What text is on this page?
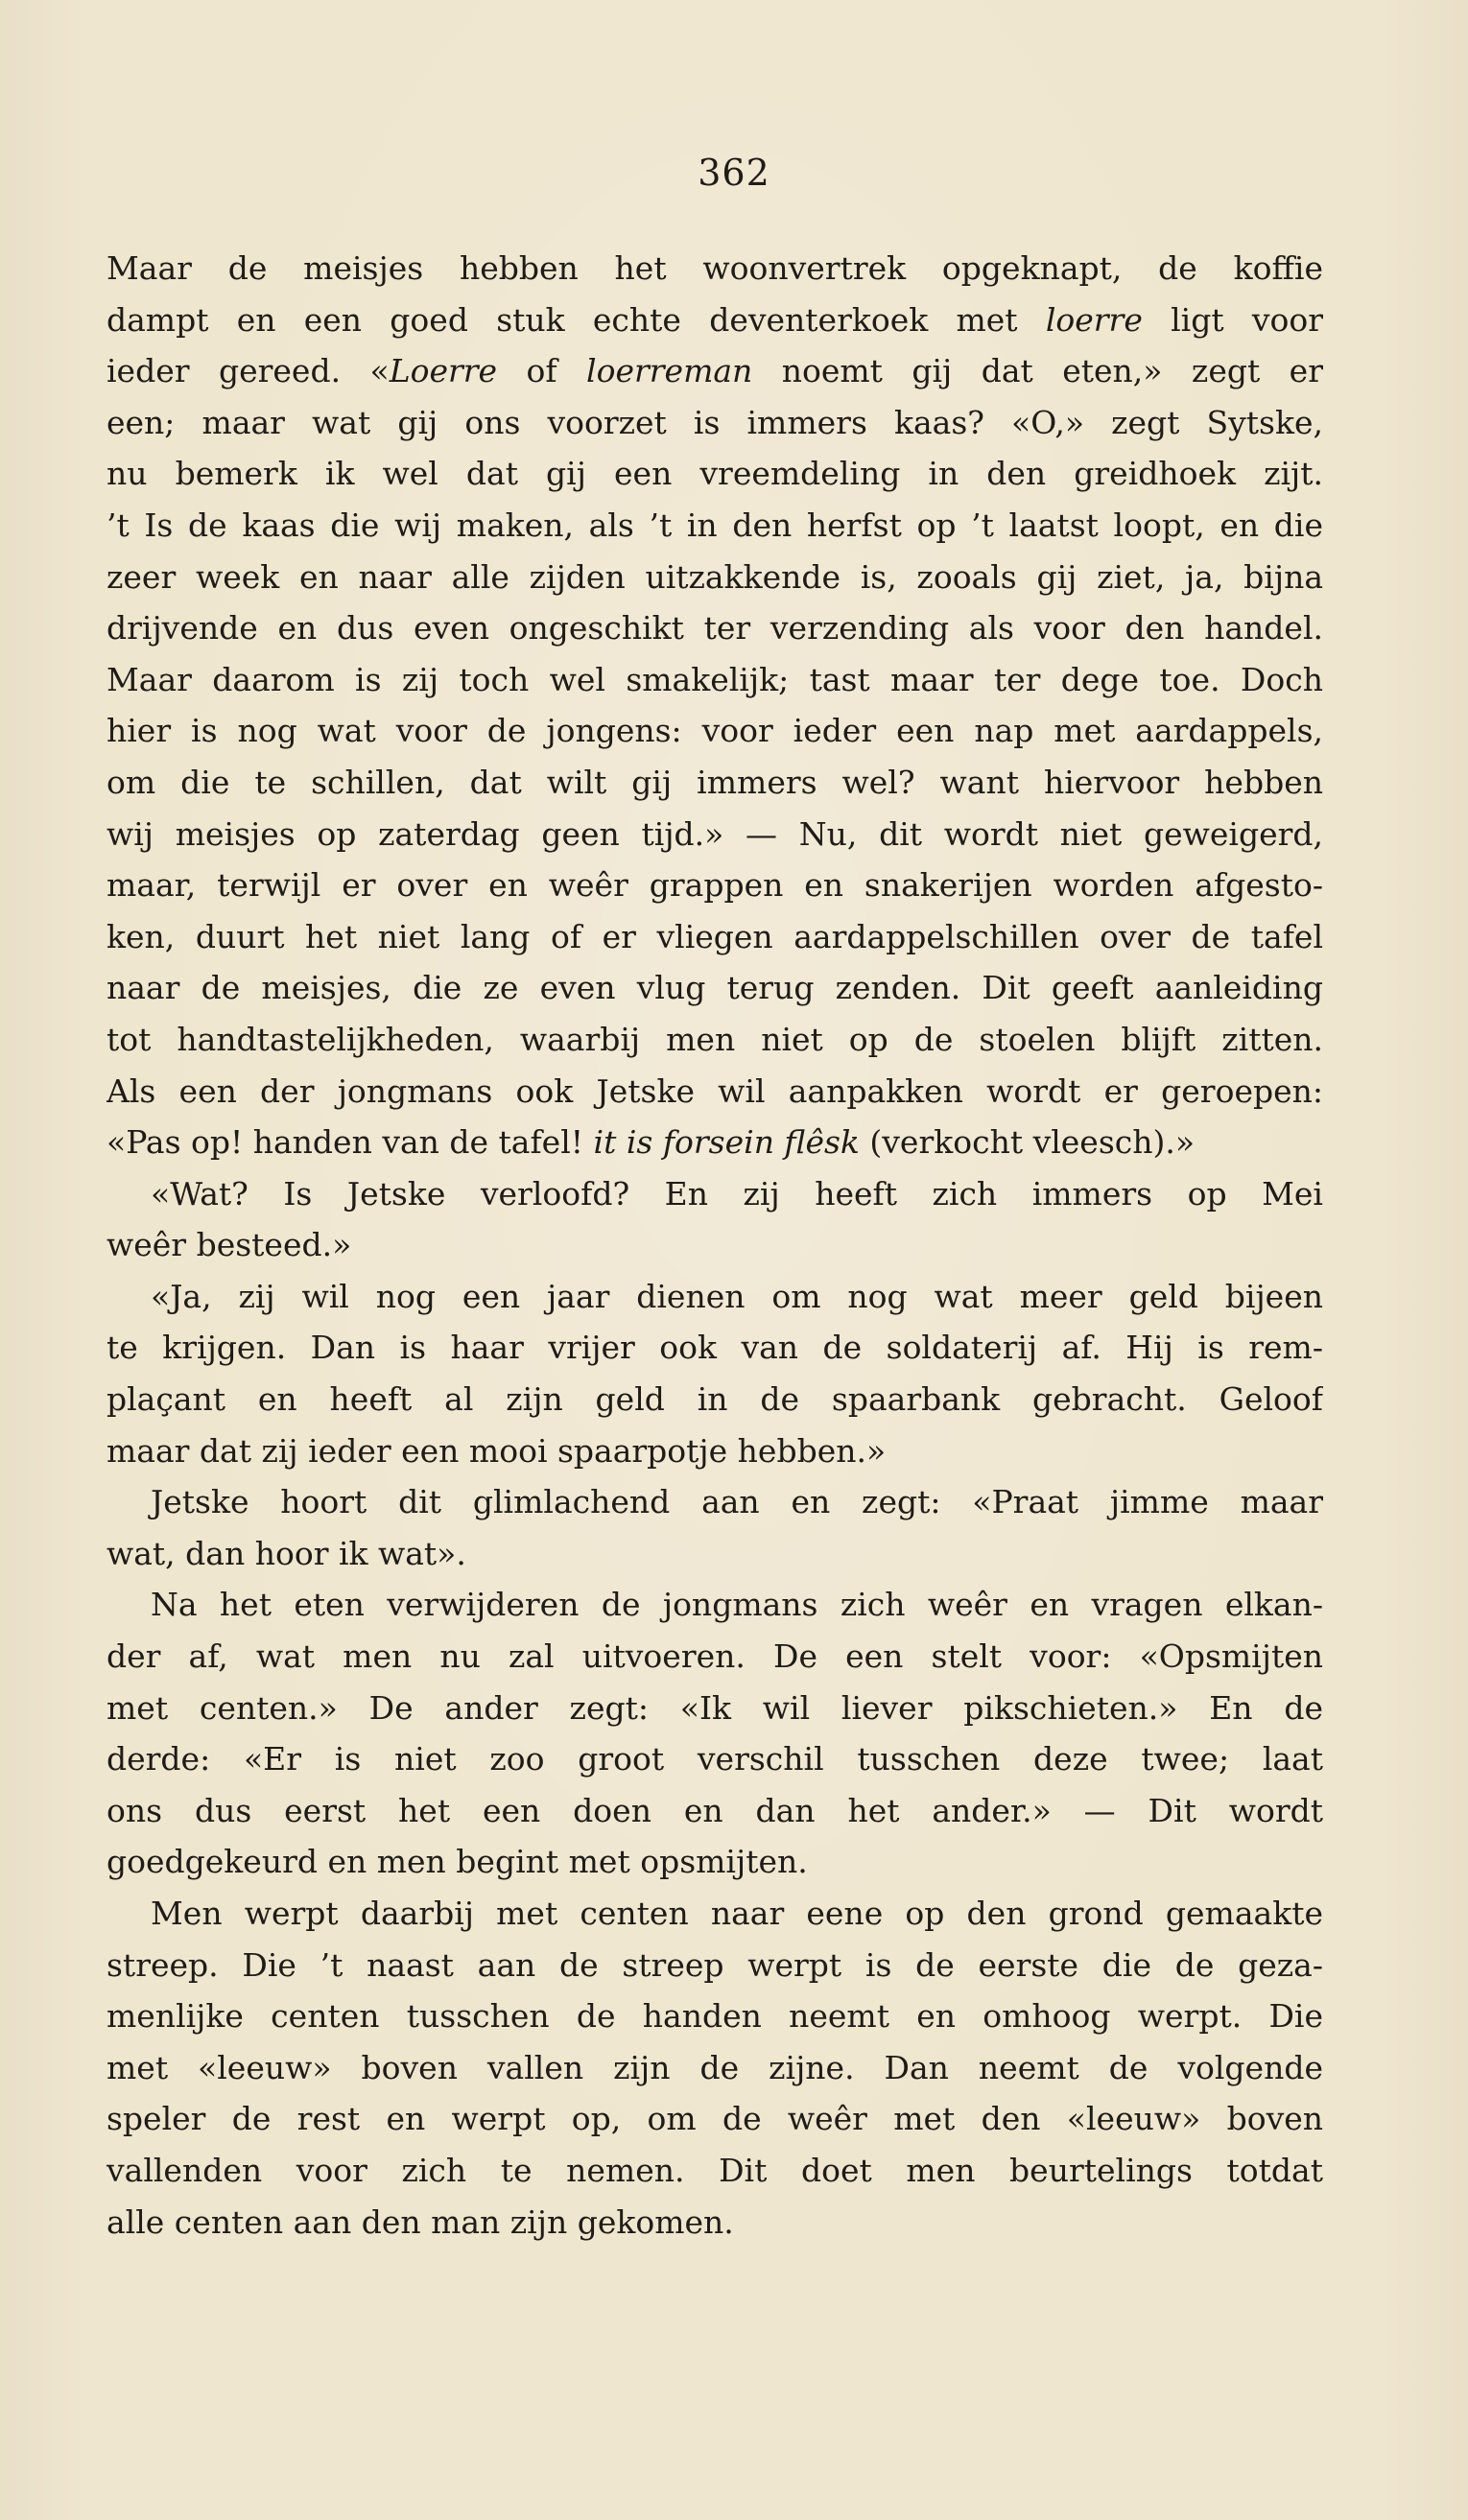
362
Maar de meisjes hebben het woonvertrek opgeknapt, de koffie
dampt en een goed stuk echte deventerkoek met loerre ligt voor
ieder gereed. «Loerre of loerreman noemt gij dat eten,» zegt er
een; maar wat gij ons voorzet is immers kaas? «O,» zegt Sytske,
nu bemerk ik wel dat gij een vreemdeling in den greidhoek zijt.
’t Is de kaas die wij maken, als ’t in den herfst op ’t laatst loopt, en die
zeer week en naar alle zijden uitzakkende is, zooals gij ziet, ja, bijna
drijvende en dus even ongeschikt ter verzending als voor den handel.
Maar daarom is zij toch wel smakelijk; tast maar ter dege toe. Doch
hier is nog wat voor de jongens: voor ieder een nap met aardappels,
om die te schillen, dat wilt gij immers wel? want hiervoor hebben
wij meisjes op zaterdag geen tijd.» — Nu, dit wordt niet geweigerd,
maar, terwijl er over en weêr grappen en snakerijen worden afgesto-
ken, duurt het niet lang of er vliegen aardappelschillen over de tafel
naar de meisjes, die ze even vlug terug zenden. Dit geeft aanleiding
tot handtastelijkheden, waarbij men niet op de stoelen blijft zitten.
Als een der jongmans ook Jetske wil aanpakken wordt er geroepen:
«Pas op! handen van de tafel! it is forsein flêsk (verkocht vleesch).»
«Wat? Is Jetske verloofd? En zij heeft zich immers op Mei
weêr besteed.»
«Ja, zij wil nog een jaar dienen om nog wat meer geld bijeen
te krijgen. Dan is haar vrijer ook van de soldaterij af. Hij is rem-
plaçant en heeft al zijn geld in de spaarbank gebracht. Geloof
maar dat zij ieder een mooi spaarpotje hebben.»
Jetske hoort dit glimlachend aan en zegt: «Praat jimme maar
wat, dan hoor ik wat».
Na het eten verwijderen de jongmans zich weêr en vragen elkan-
der af, wat men nu zal uitvoeren. De een stelt voor: «Opsmijten
met centen.» De ander zegt: «Ik wil liever pikschieten.» En de
derde: «Er is niet zoo groot verschil tusschen deze twee; laat
ons dus eerst het een doen en dan het ander.» — Dit wordt
goedgekeurd en men begint met opsmijten.
Men werpt daarbij met centen naar eene op den grond gemaakte
streep. Die ’t naast aan de streep werpt is de eerste die de geza-
menlijke centen tusschen de handen neemt en omhoog werpt. Die
met «leeuw» boven vallen zijn de zijne. Dan neemt de volgende
speler de rest en werpt op, om de weêr met den «leeuw» boven
vallenden voor zich te nemen. Dit doet men beurtelings totdat
alle centen aan den man zijn gekomen.
